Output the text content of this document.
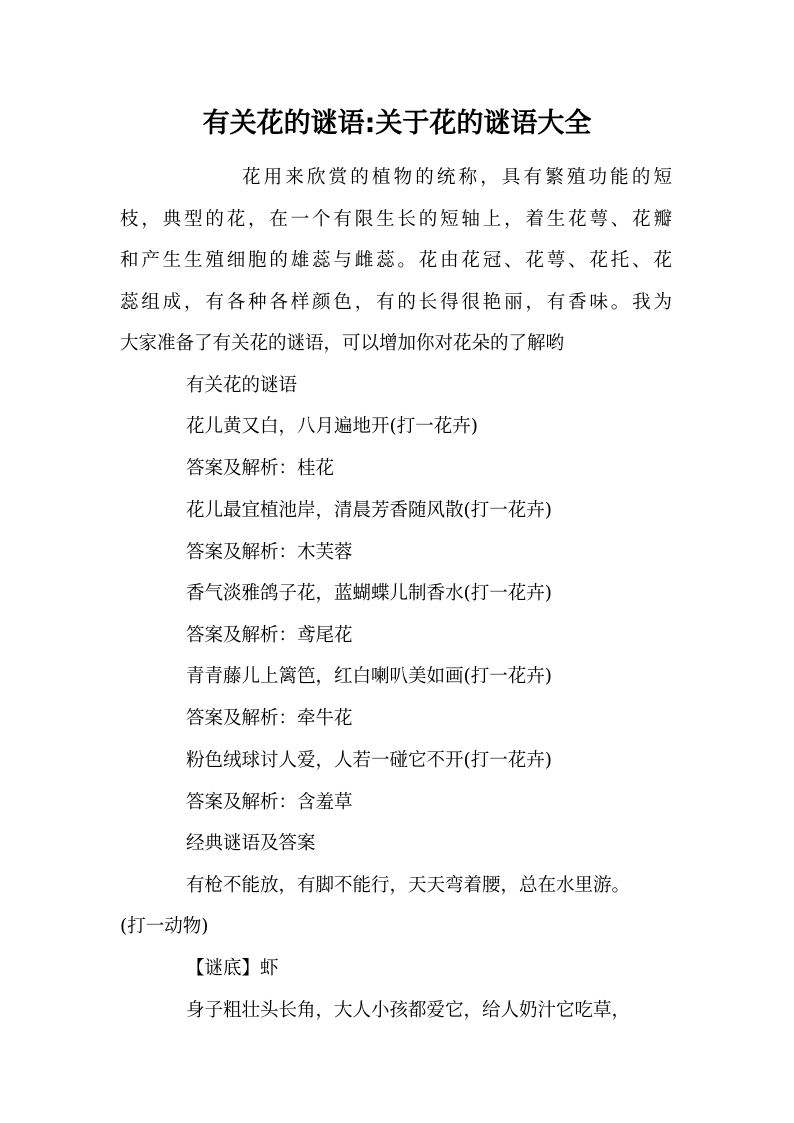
有关花的谜语:关于花的谜语大全

花用来欣赏的植物的统称，具有繁殖功能的短

枝，典型的花，在一个有限生长的短轴上，着生花萼、花瓣

和产生生殖细胞的雄蕊与雌蕊。花由花冠、花萼、花托、花

蕊组成，有各种各样颜色，有的长得很艳丽，有香味。我为

大家准备了有关花的谜语，可以增加你对花朵的了解哟

有关花的谜语

花儿黄又白，八月遍地开(打一花卉)

答案及解析：桂花

花儿最宜植池岸，清晨芳香随风散(打一花卉)

答案及解析：木芙蓉

香气淡雅鸽子花，蓝蝴蝶儿制香水(打一花卉)

答案及解析：鸢尾花

青青藤儿上篱笆，红白喇叭美如画(打一花卉)

答案及解析：牵牛花

粉色绒球讨人爱，人若一碰它不开(打一花卉)

答案及解析：含羞草

经典谜语及答案

有枪不能放，有脚不能行，天天弯着腰，总在水里游。

(打一动物)

【谜底】虾

身子粗壮头长角，大人小孩都爱它，给人奶汁它吃草，
